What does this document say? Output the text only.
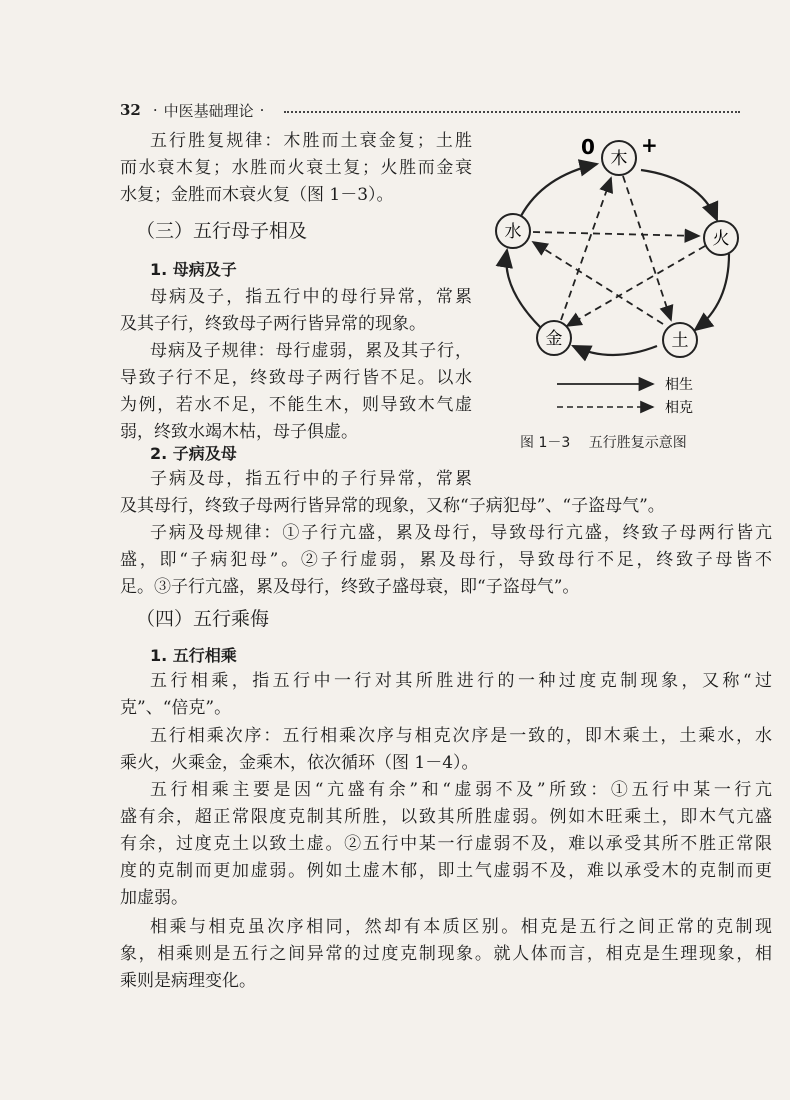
32 · 中医基础理论 ·
五行胜复规律：木胜而土衰金复；土胜
而水衰木复；水胜而火衰土复；火胜而金衰
水复；金胜而木衰火复（图 1－3）。
（三）五行母子相及
1. 母病及子
母病及子，指五行中的母行异常，常累
及其子行，终致母子两行皆异常的现象。
母病及子规律：母行虚弱，累及其子行，
导致子行不足，终致母子两行皆不足。以水
为例，若水不足，不能生木，则导致木气虚
弱，终致水竭木枯，母子俱虚。
2. 子病及母
子病及母，指五行中的子行异常，常累
及其母行，终致子母两行皆异常的现象，又称“子病犯母”、“子盗母气”。
子病及母规律：①子行亢盛，累及母行，导致母行亢盛，终致子母两行皆亢
盛，即“子病犯母”。②子行虚弱，累及母行，导致母行不足，终致子母皆不
足。③子行亢盛，累及母行，终致子盛母衰，即“子盗母气”。
（四）五行乘侮
1. 五行相乘
五行相乘，指五行中一行对其所胜进行的一种过度克制现象，又称“过
克”、“倍克”。
五行相乘次序：五行相乘次序与相克次序是一致的，即木乘土，土乘水，水
乘火，火乘金，金乘木，依次循环（图 1－4）。
五行相乘主要是因“亢盛有余”和“虚弱不及”所致：①五行中某一行亢
盛有余，超正常限度克制其所胜，以致其所胜虚弱。例如木旺乘土，即木气亢盛
有余，过度克土以致土虚。②五行中某一行虚弱不及，难以承受其所不胜正常限
度的克制而更加虚弱。例如土虚木郁，即土气虚弱不及，难以承受木的克制而更
加虚弱。
相乘与相克虽次序相同，然却有本质区别。相克是五行之间正常的克制现
象，相乘则是五行之间异常的过度克制现象。就人体而言，相克是生理现象，相
乘则是病理变化。
木
火
土
金
水
0 +
相生
相克
图 1－3 五行胜复示意图
